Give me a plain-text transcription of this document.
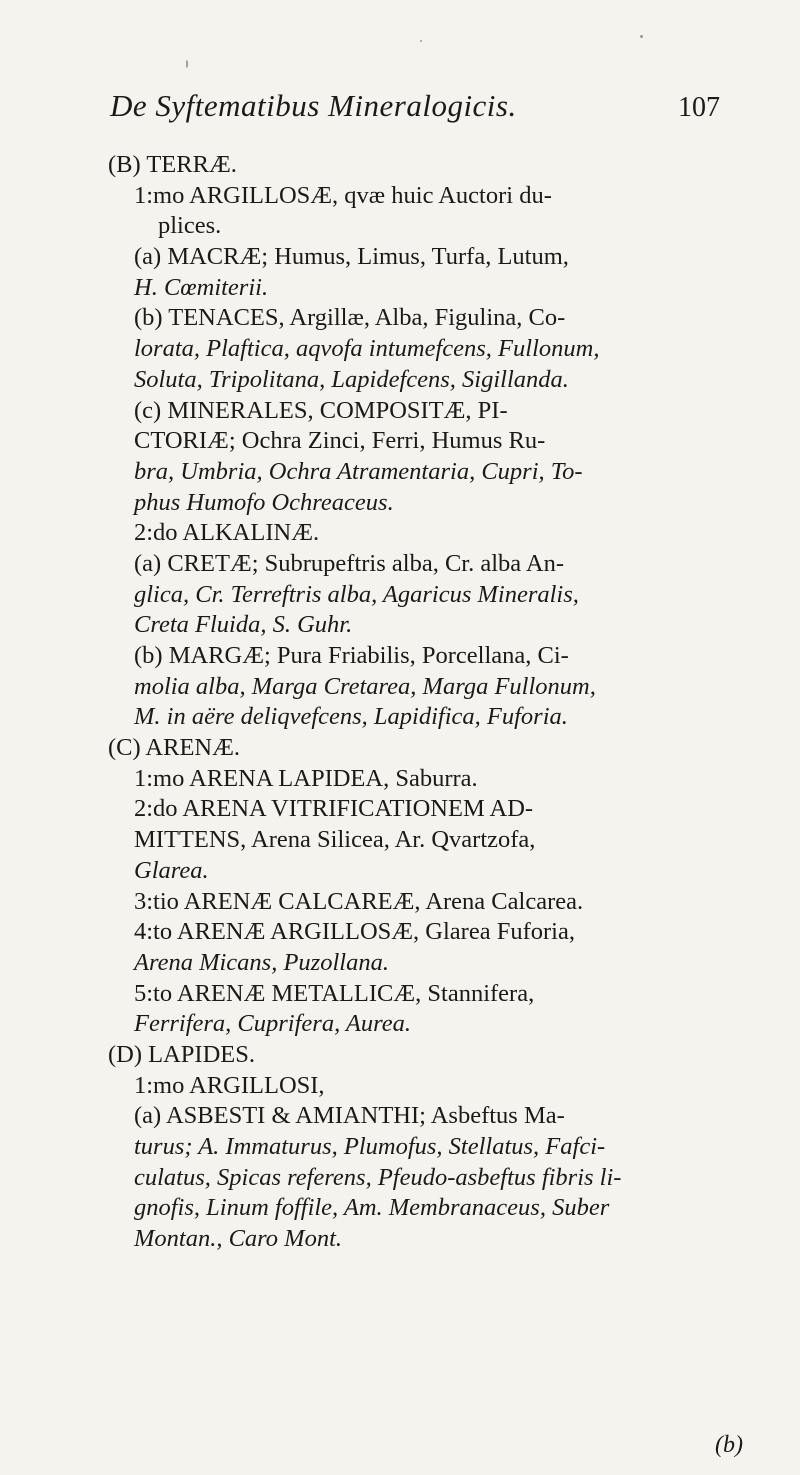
De Syftematibus Mineralogicis.	107
(B) TERRÆ.
1:mo ARGILLOSÆ, qvæ huic Auctori du-
plices.
(a) MACRÆ; Humus, Limus, Turfa, Lutum,
H. Cœmiterii.
(b) TENACES, Argillæ, Alba, Figulina, Co-
lorata, Plaftica, aqvofa intumefcens, Fullonum,
Soluta, Tripolitana, Lapidefcens, Sigillanda.
(c) MINERALES, COMPOSITÆ, PI-
CTORIÆ; Ochra Zinci, Ferri, Humus Ru-
bra, Umbria, Ochra Atramentaria, Cupri, To-
phus Humofo Ochreaceus.
2:do ALKALINÆ.
(a) CRETÆ; Subrupeftris alba, Cr. alba An-
glica, Cr. Terreftris alba, Agaricus Mineralis,
Creta Fluida, S. Guhr.
(b) MARGÆ; Pura Friabilis, Porcellana, Ci-
molia alba, Marga Cretarea, Marga Fullonum,
M. in aëre deliqvefcens, Lapidifica, Fuforia.
(C) ARENÆ.
1:mo ARENA LAPIDEA, Saburra.
2:do ARENA VITRIFICATIONEM AD-
MITTENS, Arena Silicea, Ar. Qvartzofa,
Glarea.
3:tio ARENÆ CALCAREÆ, Arena Calcarea.
4:to ARENÆ ARGILLOSÆ, Glarea Fuforia,
Arena Micans, Puzollana.
5:to ARENÆ METALLICÆ, Stannifera,
Ferrifera, Cuprifera, Aurea.
(D) LAPIDES.
1:mo ARGILLOSI,
(a) ASBESTI & AMIANTHI; Asbeftus Ma-
turus; A. Immaturus, Plumofus, Stellatus, Fafci-
culatus, Spicas referens, Pfeudo-asbeftus fibris li-
gnofis, Linum foffile, Am. Membranaceus, Suber
Montan., Caro Mont.
(b)
